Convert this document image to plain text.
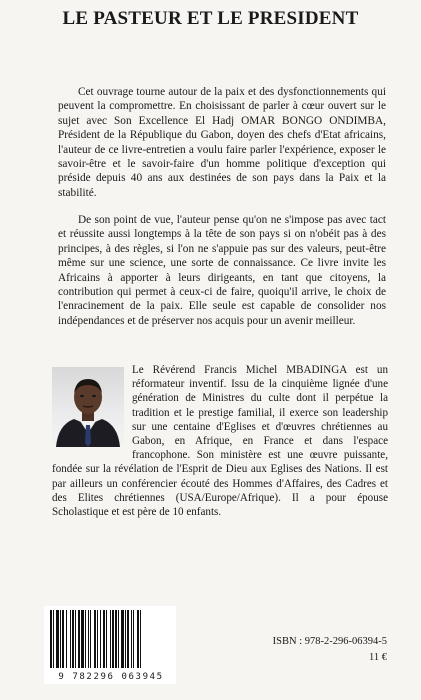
LE PASTEUR ET LE PRESIDENT

Cet ouvrage tourne autour de la paix et des dysfonctionnements qui peuvent la compromettre. En choisissant de parler à cœur ouvert sur le sujet avec Son Excellence El Hadj OMAR BONGO ONDIMBA, Président de la République du Gabon, doyen des chefs d'Etat africains, l'auteur de ce livre-entretien a voulu faire parler l'expérience, exposer le savoir-être et le savoir-faire d'un homme politique d'exception qui préside depuis 40 ans aux destinées de son pays dans la Paix et la stabilité.

De son point de vue, l'auteur pense qu'on ne s'impose pas avec tact et réussite aussi longtemps à la tête de son pays si on n'obéit pas à des principes, à des règles, si l'on ne s'appuie pas sur des valeurs, peut-être même sur une science, une sorte de connaissance. Ce livre invite les Africains à apporter à leurs dirigeants, en tant que citoyens, la contribution qui permet à ceux-ci de faire, quoiqu'il arrive, le choix de l'enracinement de la paix. Elle seule est capable de consolider nos indépendances et de préserver nos acquis pour un avenir meilleur.

Le Révérend Francis Michel MBADINGA est un réformateur inventif. Issu de la cinquième lignée d'une génération de Ministres du culte dont il perpétue la tradition et le prestige familial, il exerce son leadership sur une centaine d'Eglises et d'œuvres chrétiennes au Gabon, en Afrique, en France et dans l'espace francophone. Son ministère est une œuvre puissante, fondée sur la révélation de l'Esprit de Dieu aux Eglises des Nations. Il est par ailleurs un conférencier écouté des Hommes d'Affaires, des Cadres et des Elites chrétiennes (USA/Europe/Afrique). Il a pour épouse Scholastique et est père de 10 enfants.

9 782296 063945
ISBN : 978-2-296-06394-5
11 €
